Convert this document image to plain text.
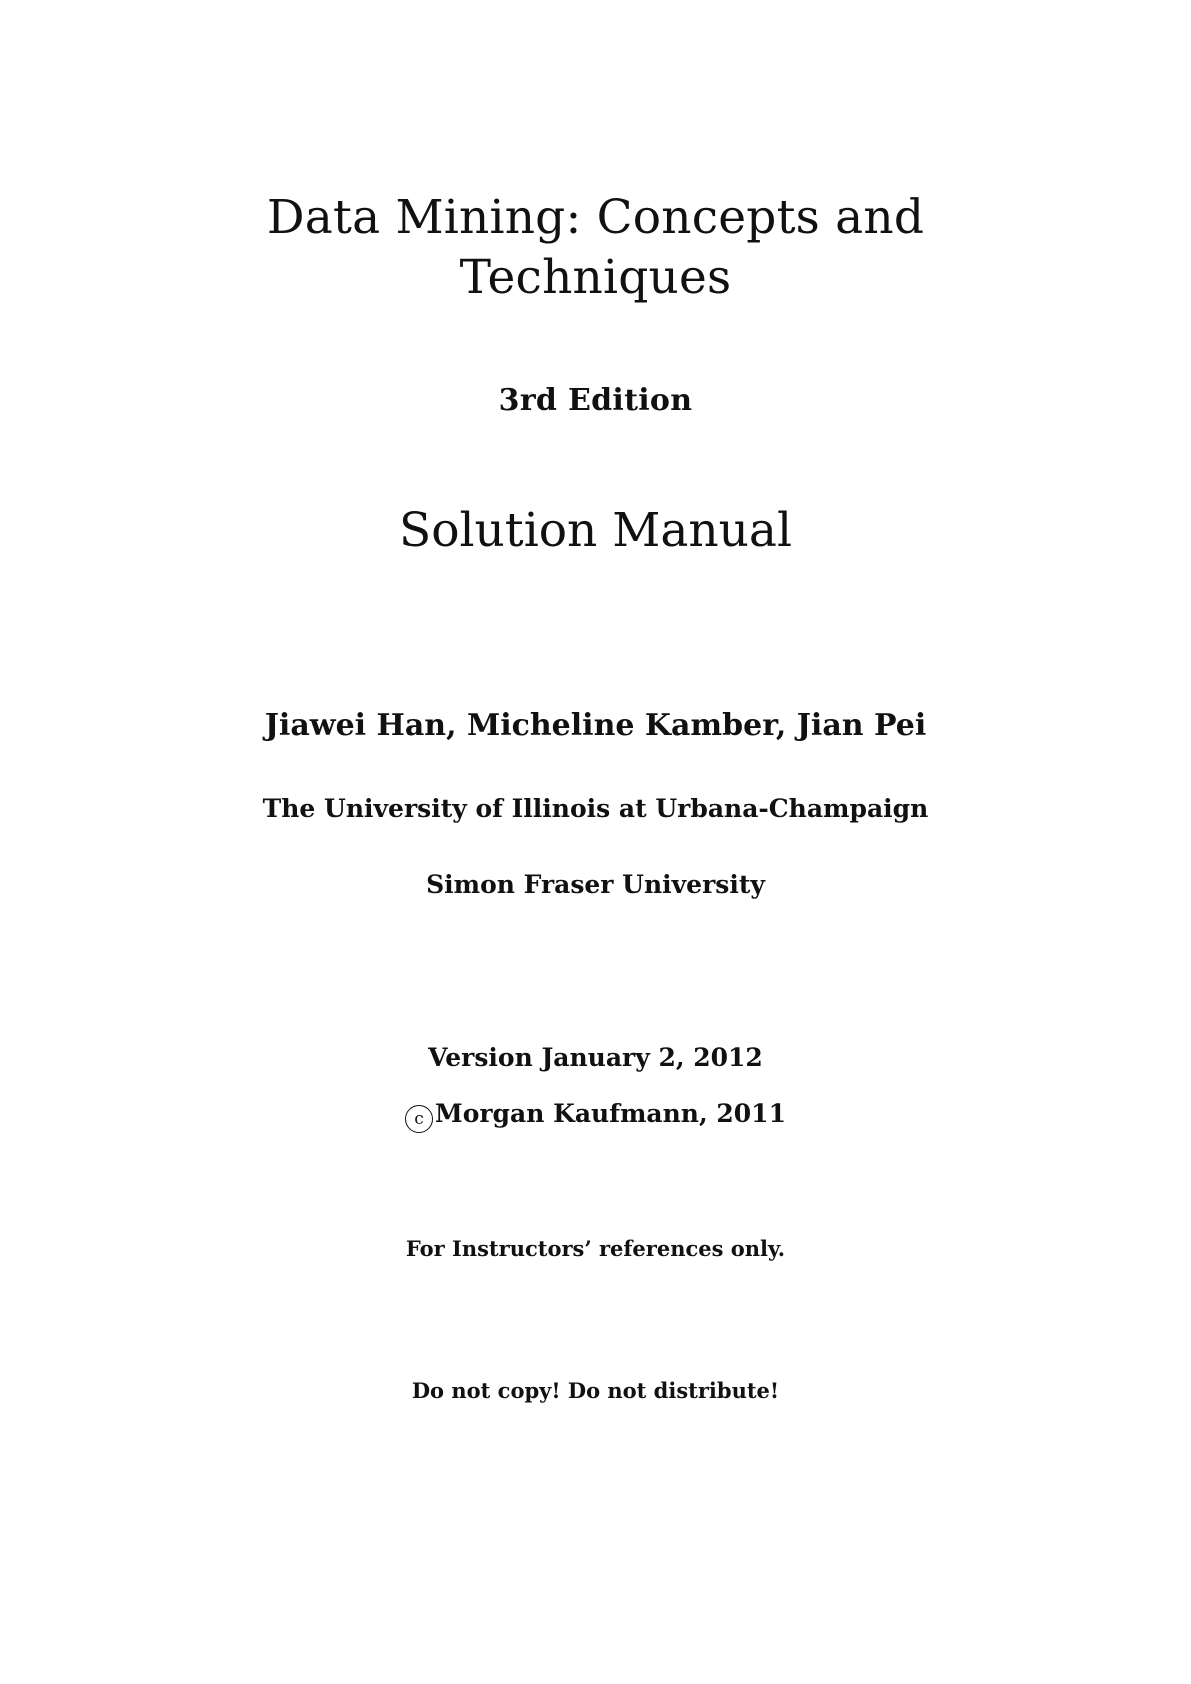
Data Mining: Concepts and
Techniques
3rd Edition
Solution Manual
Jiawei Han, Micheline Kamber, Jian Pei
The University of Illinois at Urbana-Champaign
Simon Fraser University
Version January 2, 2012
c Morgan Kaufmann, 2011
For Instructors’ references only.
Do not copy! Do not distribute!
